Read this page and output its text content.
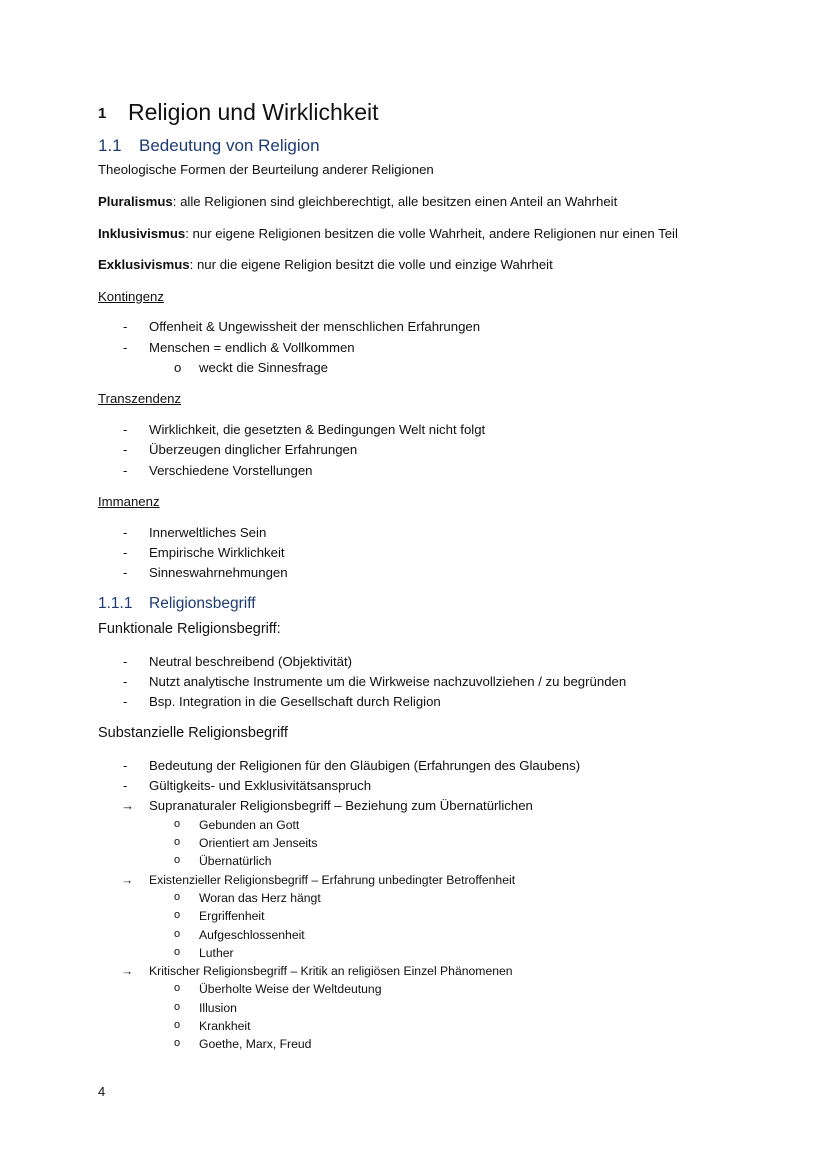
1 Religion und Wirklichkeit
1.1 Bedeutung von Religion
Theologische Formen der Beurteilung anderer Religionen
Pluralismus: alle Religionen sind gleichberechtigt, alle besitzen einen Anteil an Wahrheit
Inklusivismus: nur eigene Religionen besitzen die volle Wahrheit, andere Religionen nur einen Teil
Exklusivismus: nur die eigene Religion besitzt die volle und einzige Wahrheit
Kontingenz
- Offenheit & Ungewissheit der menschlichen Erfahrungen
- Menschen = endlich & Vollkommen
o weckt die Sinnesfrage
Transzendenz
- Wirklichkeit, die gesetzten & Bedingungen Welt nicht folgt
- Überzeugen dinglicher Erfahrungen
- Verschiedene Vorstellungen
Immanenz
- Innerweltliches Sein
- Empirische Wirklichkeit
- Sinneswahrnehmungen
1.1.1 Religionsbegriff
Funktionale Religionsbegriff:
- Neutral beschreibend (Objektivität)
- Nutzt analytische Instrumente um die Wirkweise nachzuvollziehen / zu begründen
- Bsp. Integration in die Gesellschaft durch Religion
Substanzielle Religionsbegriff
- Bedeutung der Religionen für den Gläubigen (Erfahrungen des Glaubens)
- Gültigkeits- und Exklusivitätsanspruch
→ Supranaturaler Religionsbegriff – Beziehung zum Übernatürlichen
o Gebunden an Gott
o Orientiert am Jenseits
o Übernatürlich
→ Existenzieller Religionsbegriff – Erfahrung unbedingter Betroffenheit
o Woran das Herz hängt
o Ergriffenheit
o Aufgeschlossenheit
o Luther
→ Kritischer Religionsbegriff – Kritik an religiösen Einzel Phänomenen
o Überholte Weise der Weltdeutung
o Illusion
o Krankheit
o Goethe, Marx, Freud
4
